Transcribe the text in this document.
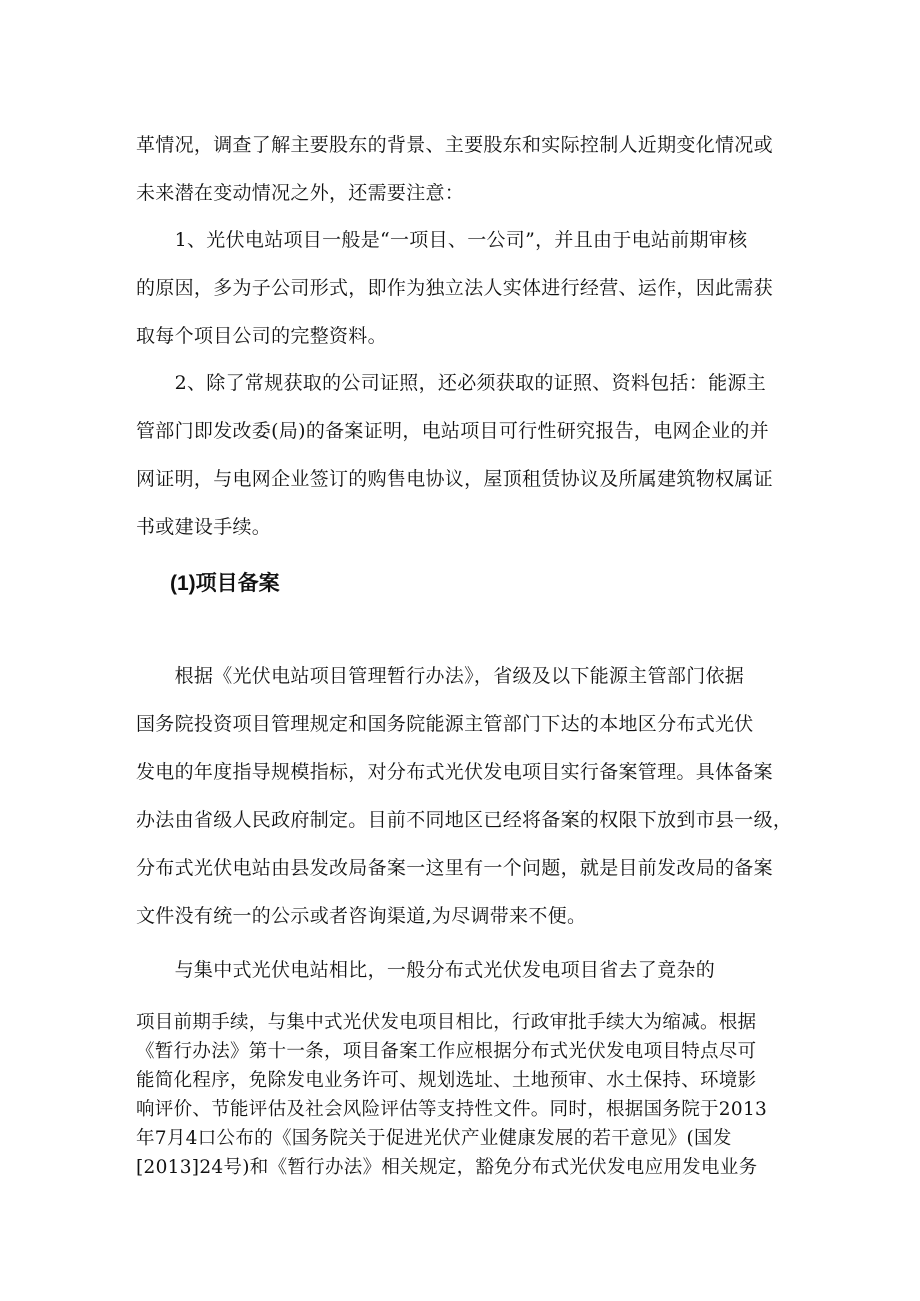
革情况，调查了解主要股东的背景、主要股东和实际控制人近期变化情况或
未来潜在变动情况之外，还需要注意：
　　1、光伏电站项目一般是“一项目、一公司”，并且由于电站前期审核
的原因，多为子公司形式，即作为独立法人实体进行经营、运作，因此需获
取每个项目公司的完整资料。
　　2、除了常规获取的公司证照，还必须获取的证照、资料包括：能源主
管部门即发改委(局)的备案证明，电站项目可行性研究报告，电网企业的并
网证明，与电网企业签订的购售电协议，屋顶租赁协议及所属建筑物权属证
书或建设手续。
(1)项目备案
　　根据《光伏电站项目管理暂行办法》，省级及以下能源主管部门依据
国务院投资项目管理规定和国务院能源主管部门下达的本地区分布式光伏
发电的年度指导规模指标，对分布式光伏发电项目实行备案管理。具体备案
办法由省级人民政府制定。目前不同地区已经将备案的权限下放到市县一级，
分布式光伏电站由县发改局备案一这里有一个问题，就是目前发改局的备案
文件没有统一的公示或者咨询渠道,为尽调带来不便。
　　与集中式光伏电站相比，一般分布式光伏发电项目省去了竟杂的
项目前期手续，与集中式光伏发电项目相比，行政审批手续大为缩减。根据
《暂行办法》第十一条，项目备案工作应根据分布式光伏发电项目特点尽可
能简化程序，免除发电业务许可、规划选址、土地预审、水土保持、环境影
响评价、节能评估及社会风险评估等支持性文件。同时，根据国务院于2013
年7月4口公布的《国务院关于促进光伏产业健康发展的若干意见》(国发
[2013]24号)和《暂行办法》相关规定，豁免分布式光伏发电应用发电业务
